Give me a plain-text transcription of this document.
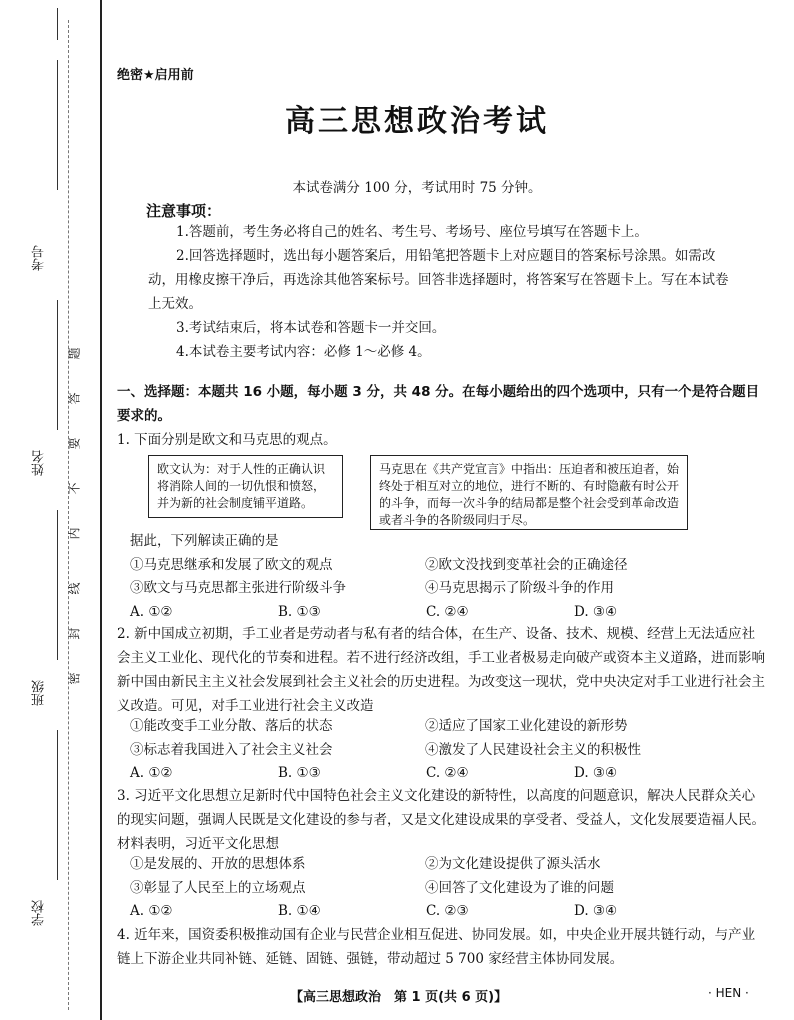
考号
姓名
班级
学校
题
答
要
不
内
线
封
密
绝密★启用前
高三思想政治考试
本试卷满分 100 分，考试用时 75 分钟。
注意事项：

1.答题前，考生务必将自己的姓名、考生号、考场号、座位号填写在答题卡上。

2.回答选择题时，选出每小题答案后，用铅笔把答题卡上对应题目的答案标号涂黑。如需改动，用橡皮擦干净后，再选涂其他答案标号。回答非选择题时，将答案写在答题卡上。写在本试卷上无效。

3.考试结束后，将本试卷和答题卡一并交回。

4.本试卷主要考试内容：必修 1～必修 4。

一、选择题：本题共 16 小题，每小题 3 分，共 48 分。在每小题给出的四个选项中，只有一个是符合题目要求的。
1. 下面分别是欧文和马克思的观点。
欧文认为：对于人性的正确认识将消除人间的一切仇恨和愤怒，并为新的社会制度铺平道路。
马克思在《共产党宣言》中指出：压迫者和被压迫者，始终处于相互对立的地位，进行不断的、有时隐蔽有时公开的斗争，而每一次斗争的结局都是整个社会受到革命改造或者斗争的各阶级同归于尽。
据此，下列解读正确的是
①马克思继承和发展了欧文的观点	②欧文没找到变革社会的正确途径
③欧文与马克思都主张进行阶级斗争	④马克思揭示了阶级斗争的作用
A. ①②	B. ①③	C. ②④	D. ③④
2. 新中国成立初期，手工业者是劳动者与私有者的结合体，在生产、设备、技术、规模、经营上无法适应社会主义工业化、现代化的节奏和进程。若不进行经济改组，手工业者极易走向破产或资本主义道路，进而影响新中国由新民主主义社会发展到社会主义社会的历史进程。为改变这一现状，党中央决定对手工业进行社会主义改造。可见，对手工业进行社会主义改造
①能改变手工业分散、落后的状态	②适应了国家工业化建设的新形势
③标志着我国进入了社会主义社会	④激发了人民建设社会主义的积极性
A. ①②	B. ①③	C. ②④	D. ③④
3. 习近平文化思想立足新时代中国特色社会主义文化建设的新特性，以高度的问题意识，解决人民群众关心的现实问题，强调人民既是文化建设的参与者，又是文化建设成果的享受者、受益人，文化发展要造福人民。材料表明，习近平文化思想
①是发展的、开放的思想体系	②为文化建设提供了源头活水
③彰显了人民至上的立场观点	④回答了文化建设为了谁的问题
A. ①②	B. ①④	C. ②③	D. ③④
4. 近年来，国资委积极推动国有企业与民营企业相互促进、协同发展。如，中央企业开展共链行动，与产业链上下游企业共同补链、延链、固链、强链，带动超过 5 700 家经营主体协同发展。
【高三思想政治　第 1 页(共 6 页)】	· HEN ·
